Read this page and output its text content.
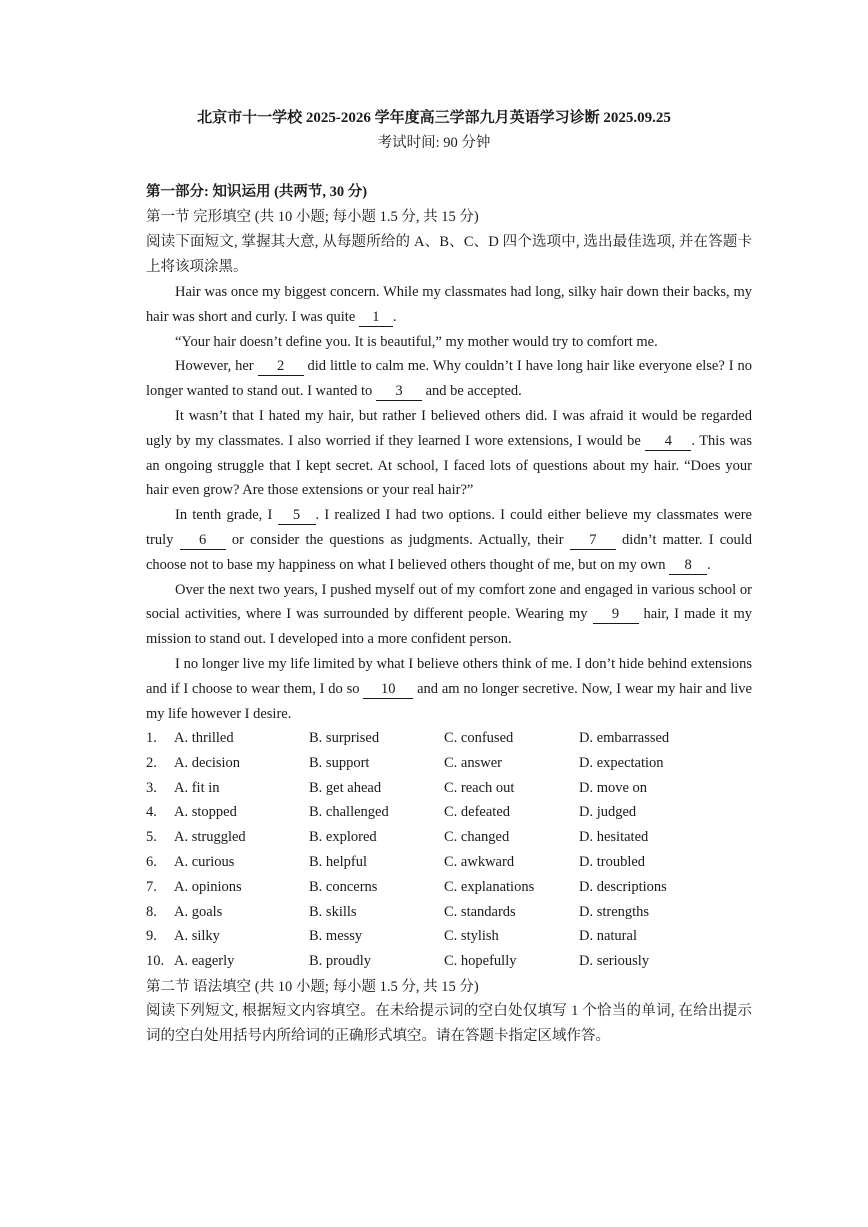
北京市十一学校 2025-2026 学年度高三学部九月英语学习诊断 2025.09.25
考试时间: 90 分钟
第一部分: 知识运用 (共两节, 30 分)
第一节 完形填空 (共 10 小题; 每小题 1.5 分, 共 15 分)
阅读下面短文, 掌握其大意, 从每题所给的 A、B、C、D 四个选项中, 选出最佳选项, 并在答题卡上将该项涂黑。

Hair was once my biggest concern. While my classmates had long, silky hair down their backs, my hair was short and curly. I was quite 1 .

“Your hair doesn’t define you. It is beautiful,” my mother would try to comfort me.

However, her 2 did little to calm me. Why couldn’t I have long hair like everyone else? I no longer wanted to stand out. I wanted to 3 and be accepted.

It wasn’t that I hated my hair, but rather I believed others did. I was afraid it would be regarded ugly by my classmates. I also worried if they learned I wore extensions, I would be 4 . This was an ongoing struggle that I kept secret. At school, I faced lots of questions about my hair. “Does your hair even grow? Are those extensions or your real hair?”

In tenth grade, I 5 . I realized I had two options. I could either believe my classmates were truly 6 or consider the questions as judgments. Actually, their 7 didn’t matter. I could choose not to base my happiness on what I believed others thought of me, but on my own 8 .

Over the next two years, I pushed myself out of my comfort zone and engaged in various school or social activities, where I was surrounded by different people. Wearing my 9 hair, I made it my mission to stand out. I developed into a more confident person.

I no longer live my life limited by what I believe others think of me. I don’t hide behind extensions and if I choose to wear them, I do so 10 and am no longer secretive. Now, I wear my hair and live my life however I desire.

1.	A. thrilled	B. surprised	C. confused	D. embarrassed
2.	A. decision	B. support	C. answer	D. expectation
3.	A. fit in	B. get ahead	C. reach out	D. move on
4.	A. stopped	B. challenged	C. defeated	D. judged
5.	A. struggled	B. explored	C. changed	D. hesitated
6.	A. curious	B. helpful	C. awkward	D. troubled
7.	A. opinions	B. concerns	C. explanations	D. descriptions
8.	A. goals	B. skills	C. standards	D. strengths
9.	A. silky	B. messy	C. stylish	D. natural
10. A. eagerly	B. proudly	C. hopefully	D. seriously
第二节 语法填空 (共 10 小题; 每小题 1.5 分, 共 15 分)
阅读下列短文, 根据短文内容填空。在未给提示词的空白处仅填写 1 个恰当的单词, 在给出提示词的空白处用括号内所给词的正确形式填空。请在答题卡指定区域作答。
